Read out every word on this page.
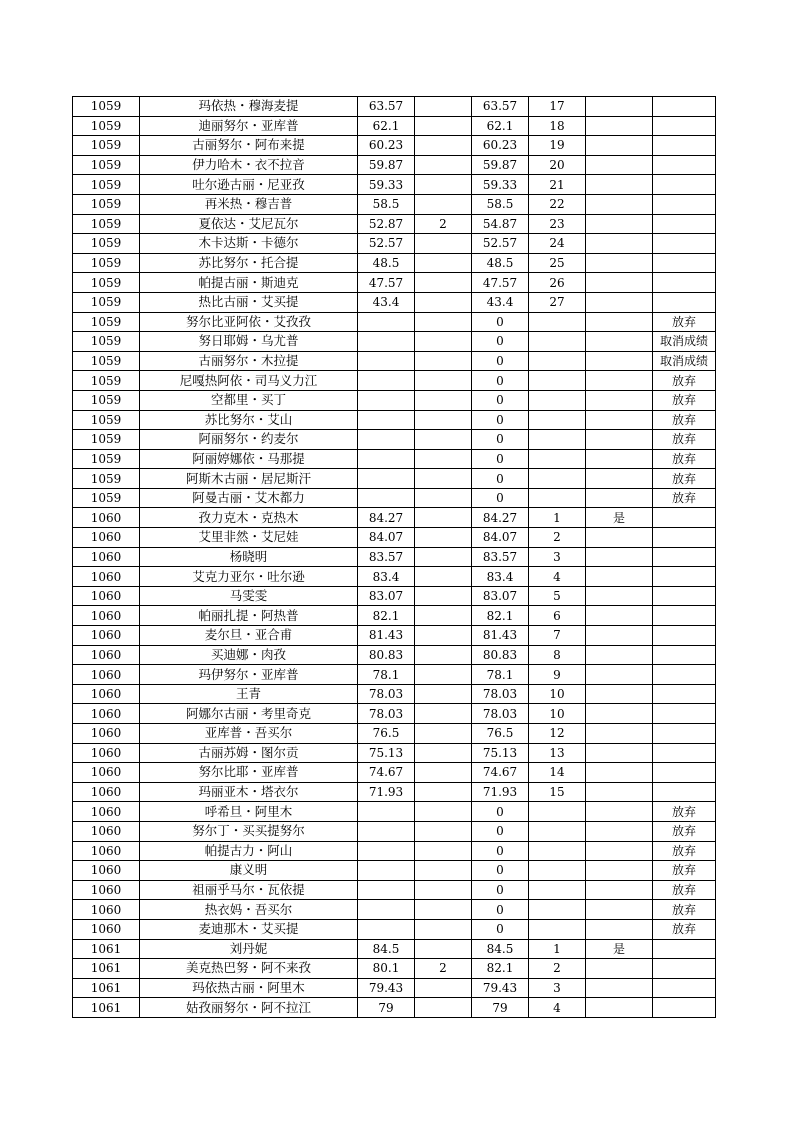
1059	玛依热・穆海麦提	63.57		63.57	17		
1059	迪丽努尔・亚库普	62.1		62.1	18		
1059	古丽努尔・阿布来提	60.23		60.23	19		
1059	伊力哈木・衣不拉音	59.87		59.87	20		
1059	吐尔逊古丽・尼亚孜	59.33		59.33	21		
1059	再米热・穆吉普	58.5		58.5	22		
1059	夏依达・艾尼瓦尔	52.87	2	54.87	23		
1059	木卡达斯・卡德尔	52.57		52.57	24		
1059	苏比努尔・托合提	48.5		48.5	25		
1059	帕提古丽・斯迪克	47.57		47.57	26		
1059	热比古丽・艾买提	43.4		43.4	27		
1059	努尔比亚阿依・艾孜孜			0			放弃
1059	努日耶姆・乌尤普			0			取消成绩
1059	古丽努尔・木拉提			0			取消成绩
1059	尼嘎热阿依・司马义力江			0			放弃
1059	空都里・买丁			0			放弃
1059	苏比努尔・艾山			0			放弃
1059	阿丽努尔・约麦尔			0			放弃
1059	阿丽婷娜依・马那提			0			放弃
1059	阿斯木古丽・居尼斯汗			0			放弃
1059	阿曼古丽・艾木都力			0			放弃
1060	孜力克木・克热木	84.27		84.27	1	是	
1060	艾里非然・艾尼娃	84.07		84.07	2		
1060	杨晓明	83.57		83.57	3		
1060	艾克力亚尔・吐尔逊	83.4		83.4	4		
1060	马雯雯	83.07		83.07	5		
1060	帕丽扎提・阿热普	82.1		82.1	6		
1060	麦尔旦・亚合甫	81.43		81.43	7		
1060	买迪娜・肉孜	80.83		80.83	8		
1060	玛伊努尔・亚库普	78.1		78.1	9		
1060	王青	78.03		78.03	10		
1060	阿娜尔古丽・考里奇克	78.03		78.03	10		
1060	亚库普・吾买尔	76.5		76.5	12		
1060	古丽苏姆・图尔贡	75.13		75.13	13		
1060	努尔比耶・亚库普	74.67		74.67	14		
1060	玛丽亚木・塔衣尔	71.93		71.93	15		
1060	呼希旦・阿里木			0			放弃
1060	努尔丁・买买提努尔			0			放弃
1060	帕提古力・阿山			0			放弃
1060	康义明			0			放弃
1060	祖丽乎马尔・瓦依提			0			放弃
1060	热衣妈・吾买尔			0			放弃
1060	麦迪那木・艾买提			0			放弃
1061	刘丹妮	84.5		84.5	1	是	
1061	美克热巴努・阿不来孜	80.1	2	82.1	2		
1061	玛依热古丽・阿里木	79.43		79.43	3		
1061	姑孜丽努尔・阿不拉江	79		79	4		
